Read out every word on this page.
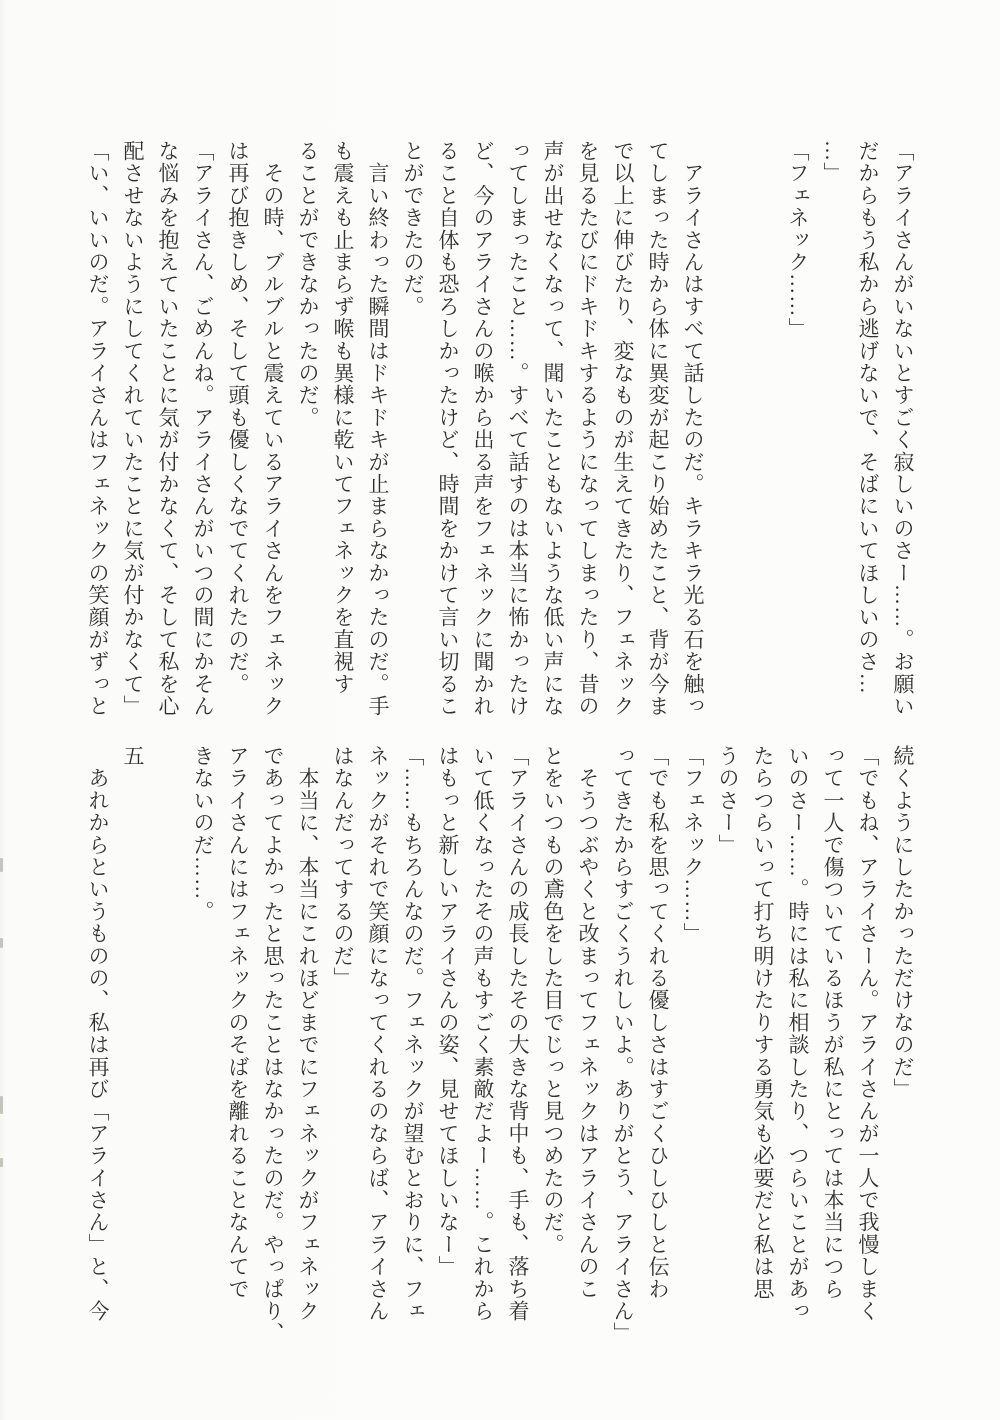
「アライさんがいないとすごく寂しいのさー……。お願い

だからもう私から逃げないで、そばにいてほしいのさ…

…」

「フェネック……」

　アライさんはすべて話したのだ。キラキラ光る石を触っ

てしまった時から体に異変が起こり始めたこと、背が今ま

で以上に伸びたり、変なものが生えてきたり、フェネック

を見るたびにドキドキするようになってしまったり、昔の

声が出せなくなって、聞いたこともないような低い声にな

ってしまったこと……。すべて話すのは本当に怖かったけ

ど、今のアライさんの喉から出る声をフェネックに聞かれ

ること自体も恐ろしかったけど、時間をかけて言い切るこ

とができたのだ。

　言い終わった瞬間はドキドキが止まらなかったのだ。手

も震えも止まらず喉も異様に乾いてフェネックを直視す

ることができなかったのだ。

　その時、ブルブルと震えているアライさんをフェネック

は再び抱きしめ、そして頭も優しくなでてくれたのだ。

「アライさん、ごめんね。アライさんがいつの間にかそん

な悩みを抱えていたことに気が付かなくて、そして私を心

配させないようにしてくれていたことに気が付かなくて」

「い、いいのだ。アライさんはフェネックの笑顔がずっと

続くようにしたかっただけなのだ」

「でもね、アライさーん。アライさんが一人で我慢しまく

って一人で傷ついているほうが私にとっては本当につら

いのさー……。時には私に相談したり、つらいことがあっ

たらつらいって打ち明けたりする勇気も必要だと私は思

うのさー」

「フェネック……」

「でも私を思ってくれる優しさはすごくひしひしと伝わ

ってきたからすごくうれしいよ。ありがとう、アライさん」

　そうつぶやくと改まってフェネックはアライさんのこ

とをいつもの鳶色をした目でじっと見つめたのだ。

「アライさんの成長したその大きな背中も、手も、落ち着

いて低くなったその声もすごく素敵だよー……。これから

はもっと新しいアライさんの姿、見せてほしいなー」

「……もちろんなのだ。フェネックが望むとおりに、フェ

ネックがそれで笑顔になってくれるのならば、アライさん

はなんだってするのだ」

　本当に、本当にこれほどまでにフェネックがフェネック

であってよかったと思ったことはなかったのだ。やっぱり、

アライさんにはフェネックのそばを離れることなんてで

きないのだ……。

五

　あれからというものの、私は再び「アライさん」と、今
